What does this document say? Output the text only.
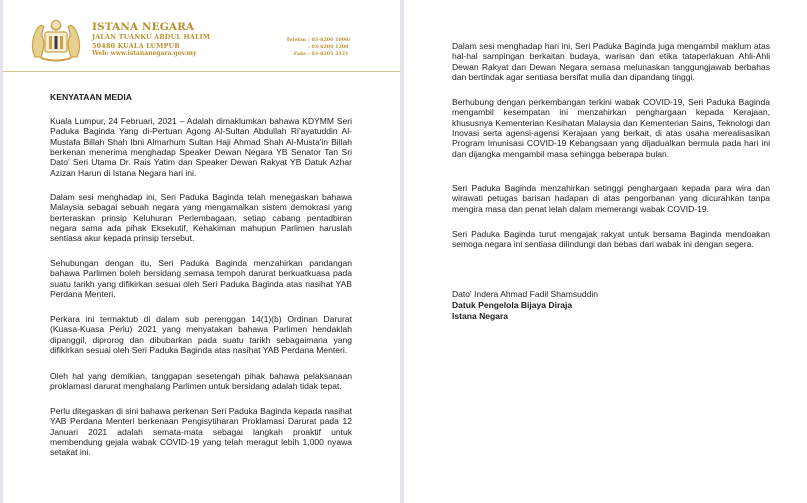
ISTANA NEGARA
JALAN TUANKU ABDUL HALIM
50480 KUALA LUMPUR
Web: www.istananegara.gov.my
Telefon : 03-6200 1000/
: 03-6200 1200
Faks : 03-6205 2121
KENYATAAN MEDIA
Kuala Lumpur, 24 Februari, 2021 – Adalah dimaklumkan bahawa KDYMM Seri Paduka Baginda Yang di-Pertuan Agong Al-Sultan Abdullah Ri'ayatuddin Al-Mustafa Billah Shah Ibni Almarhum Sultan Haji Ahmad Shah Al-Musta'in Billah berkenan menerima menghadap Speaker Dewan Negara YB Senator Tan Sri Dato' Seri Utama Dr. Rais Yatim dan Speaker Dewan Rakyat YB Datuk Azhar Azizan Harun di Istana Negara hari ini.
Dalam sesi menghadap ini, Seri Paduka Baginda telah menegaskan bahawa Malaysia sebagai sebuah negara yang mengamalkan sistem demokrasi yang berteraskan prinsip Keluhuran Perlembagaan, setiap cabang pentadbiran negara sama ada pihak Eksekutif, Kehakiman mahupun Parlimen haruslah sentiasa akur kepada prinsip tersebut.
Sehubungan dengan itu, Seri Paduka Baginda menzahirkan pandangan bahawa Parlimen boleh bersidang semasa tempoh darurat berkuatkuasa pada suatu tarikh yang difikirkan sesuai oleh Seri Paduka Baginda atas nasihat YAB Perdana Menteri.
Perkara ini termaktub di dalam sub perenggan 14(1)(b) Ordinan Darurat (Kuasa-Kuasa Perlu) 2021 yang menyatakan bahawa Parlimen hendaklah dipanggil, diprorog dan dibubarkan pada suatu tarikh sebagaimana yang difikirkan sesuai oleh Seri Paduka Baginda atas nasihat YAB Perdana Menteri.
Oleh hal yang demikian, tanggapan sesetengah pihak bahawa pelaksanaan proklamasi darurat menghalang Parlimen untuk bersidang adalah tidak tepat.
Perlu ditegaskan di sini bahawa perkenan Seri Paduka Baginda kepada nasihat YAB Perdana Menteri berkenaan Pengisytiharan Proklamasi Darurat pada 12 Januari 2021 adalah semata-mata sebagai langkah proaktif untuk membendung gejala wabak COVID-19 yang telah meragut lebih 1,000 nyawa setakat ini.
Dalam sesi menghadap hari ini, Seri Paduka Baginda juga mengambil maklum atas hal-hal sampingan berkaitan budaya, warisan dan etika tataperlakuan Ahli-Ahli Dewan Rakyat dan Dewan Negara semasa melunaskan tanggungjawab berbahas dan bertindak agar sentiasa bersifat mulia dan dipandang tinggi.
Berhubung dengan perkembangan terkini wabak COVID-19, Seri Paduka Baginda mengambil kesempatan ini menzahirkan penghargaan kepada Kerajaan, khususnya Kementerian Kesihatan Malaysia dan Kementerian Sains, Teknologi dan Inovasi serta agensi-agensi Kerajaan yang berkait, di atas usaha merealisasikan Program Imunisasi COVID-19 Kebangsaan yang dijadualkan bermula pada hari ini dan dijangka mengambil masa sehingga beberapa bulan.
Seri Paduka Baginda menzahirkan setinggi penghargaan kepada para wira dan wirawati petugas barisan hadapan di atas pengorbanan yang dicurahkan tanpa mengira masa dan penat lelah dalam memerangi wabak COVID-19.
Seri Paduka Baginda turut mengajak rakyat untuk bersama Baginda mendoakan semoga negara ini sentiasa dilindungi dan bebas dari wabak ini dengan segera.
Dato' Indera Ahmad Fadil Shamsuddin
Datuk Pengelola Bijaya Diraja
Istana Negara
